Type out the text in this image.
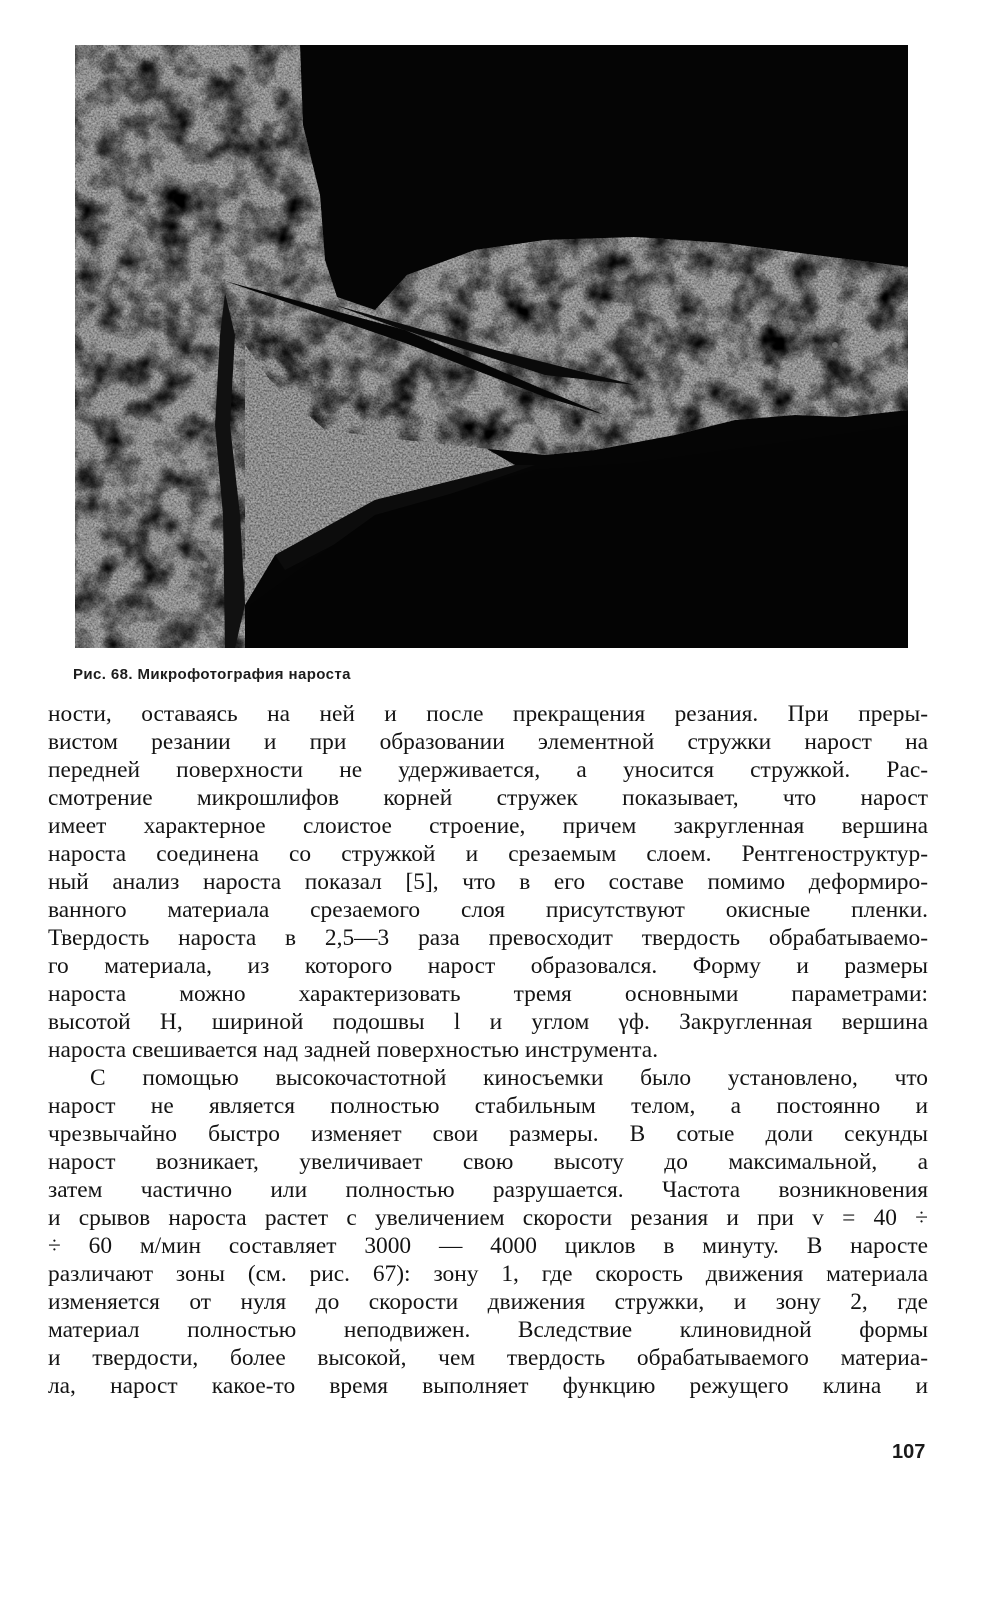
Рис. 68. Микрофотография нароста
ности, оставаясь на ней и после прекращения резания. При преры-
вистом резании и при образовании элементной стружки нарост на
передней поверхности не удерживается, а уносится стружкой. Рас-
смотрение микрошлифов корней стружек показывает, что нарост
имеет характерное слоистое строение, причем закругленная вершина
нароста соединена со стружкой и срезаемым слоем. Рентгеноструктур-
ный анализ нароста показал [5], что в его составе помимо деформиро-
ванного материала срезаемого слоя присутствуют окисные пленки.
Твердость нароста в 2,5—3 раза превосходит твердость обрабатываемо-
го материала, из которого нарост образовался. Форму и размеры
нароста можно характеризовать тремя основными параметрами:
высотой H, шириной подошвы l и углом γф. Закругленная вершина
нароста свешивается над задней поверхностью инструмента.
С помощью высокочастотной киносъемки было установлено, что
нарост не является полностью стабильным телом, а постоянно и
чрезвычайно быстро изменяет свои размеры. В сотые доли секунды
нарост возникает, увеличивает свою высоту до максимальной, а
затем частично или полностью разрушается. Частота возникновения
и срывов нароста растет с увеличением скорости резания и при v = 40 ÷
÷ 60 м/мин составляет 3000 — 4000 циклов в минуту. В наросте
различают зоны (см. рис. 67): зону 1, где скорость движения материала
изменяется от нуля до скорости движения стружки, и зону 2, где
материал полностью неподвижен. Вследствие клиновидной формы
и твердости, более высокой, чем твердость обрабатываемого материа-
ла, нарост какое-то время выполняет функцию режущего клина и
107
